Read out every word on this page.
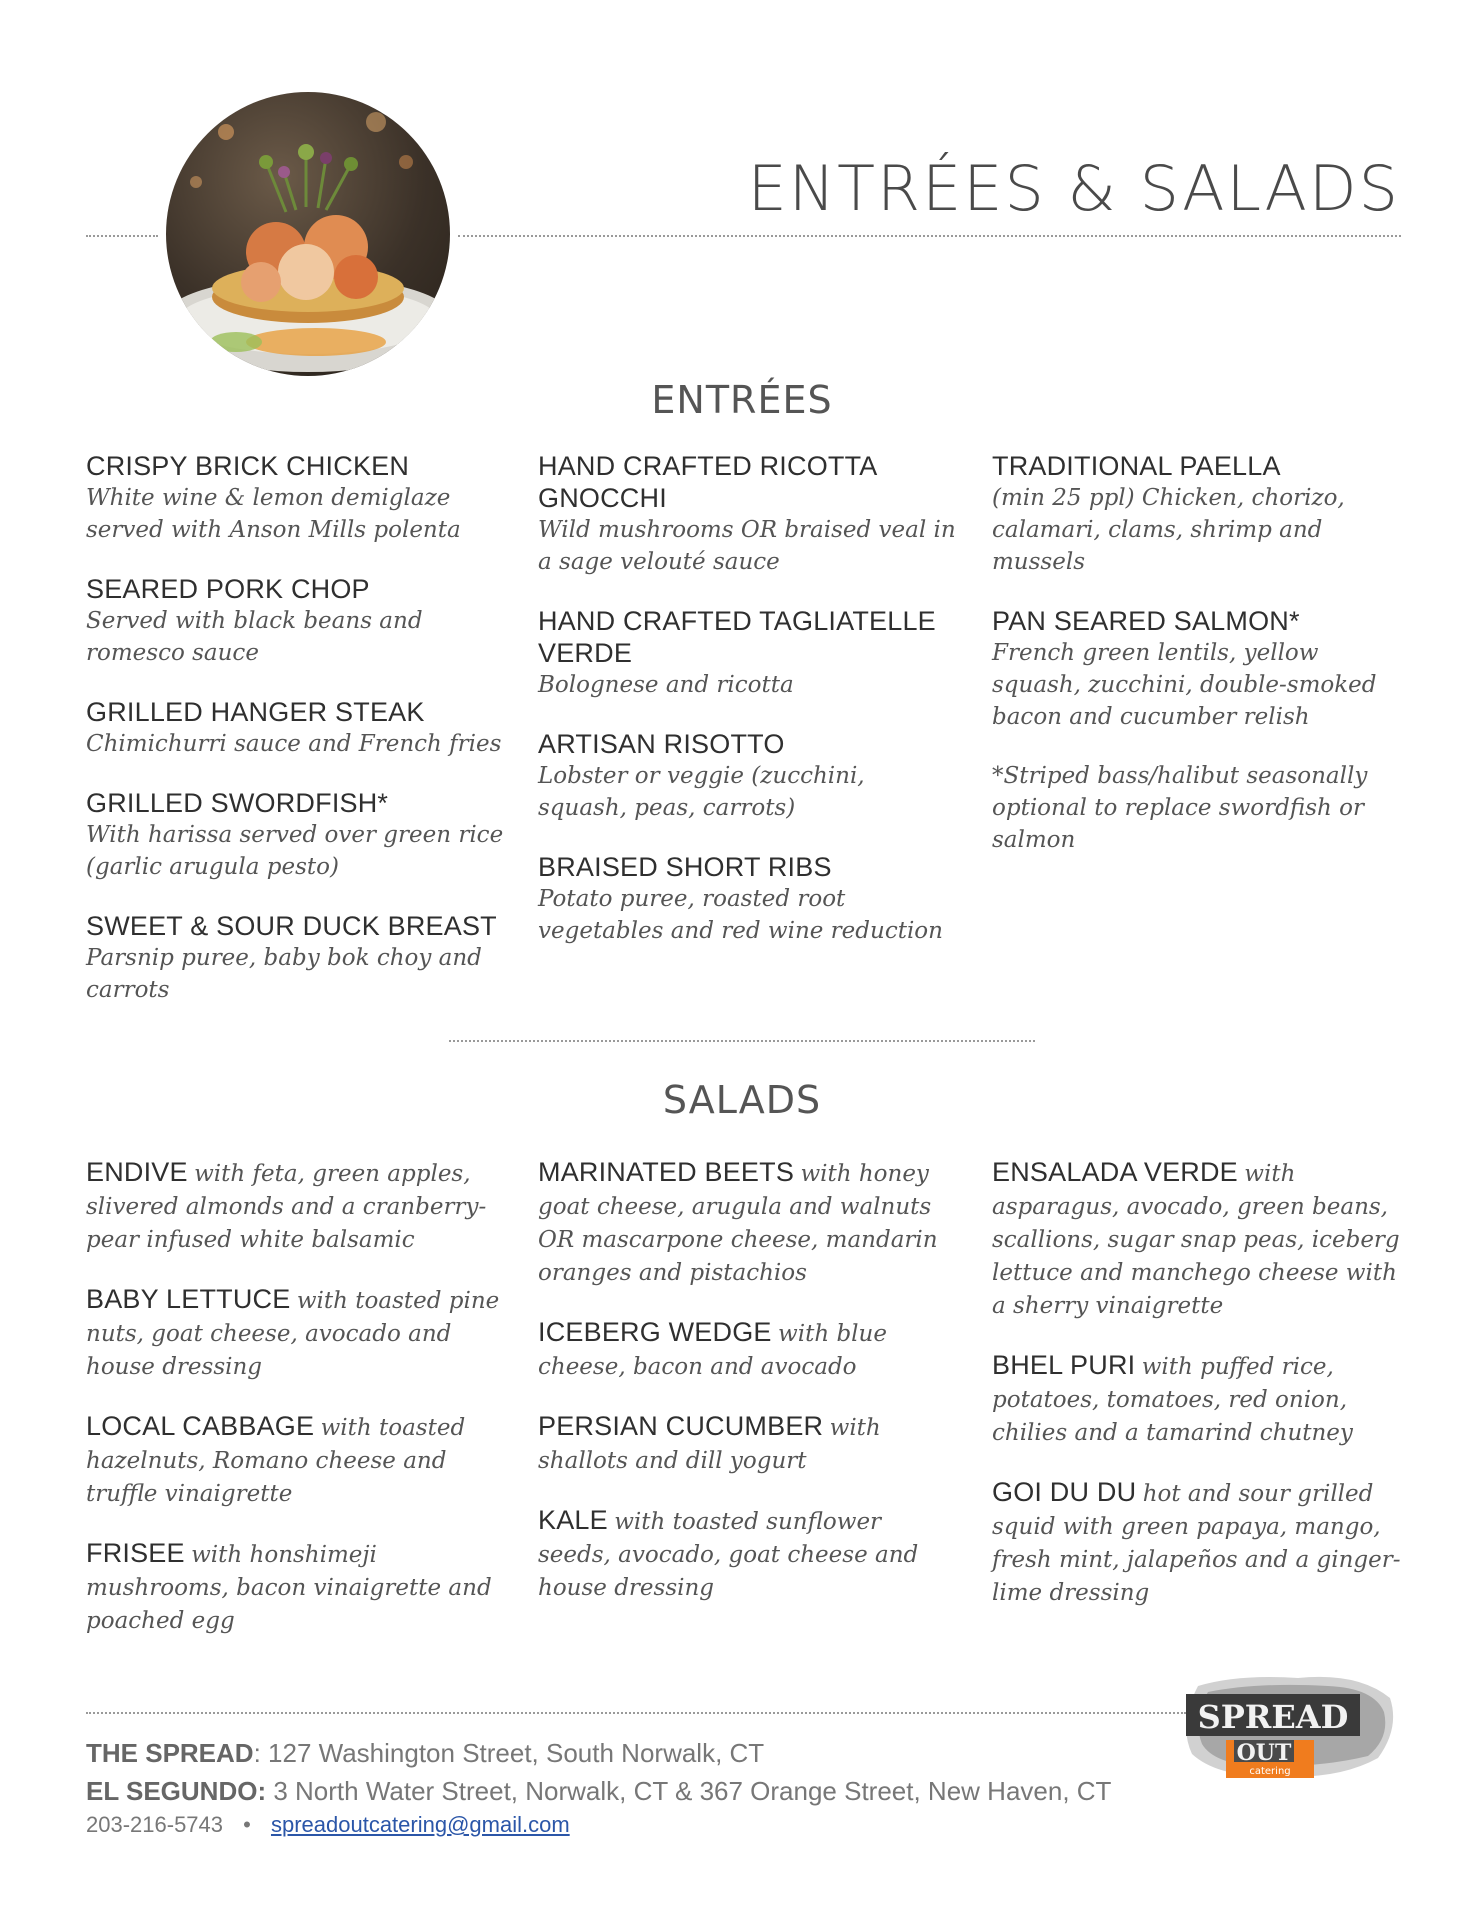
ENTRÉES & SALADS
ENTRÉES
CRISPY BRICK CHICKEN
White wine & lemon demiglaze served with Anson Mills polenta
SEARED PORK CHOP
Served with black beans and romesco sauce
GRILLED HANGER STEAK
Chimichurri sauce and French fries
GRILLED SWORDFISH*
With harissa served over green rice (garlic arugula pesto)
SWEET & SOUR DUCK BREAST
Parsnip puree, baby bok choy and carrots
HAND CRAFTED RICOTTA GNOCCHI
Wild mushrooms OR braised veal in a sage velouté sauce
HAND CRAFTED TAGLIATELLE VERDE
Bolognese and ricotta
ARTISAN RISOTTO
Lobster or veggie (zucchini, squash, peas, carrots)
BRAISED SHORT RIBS
Potato puree, roasted root vegetables and red wine reduction
TRADITIONAL PAELLA
(min 25 ppl) Chicken, chorizo, calamari, clams, shrimp and mussels
PAN SEARED SALMON*
French green lentils, yellow squash, zucchini, double-smoked bacon and cucumber relish
*Striped bass/halibut seasonally optional to replace swordfish or salmon
SALADS
ENDIVE with feta, green apples, slivered almonds and a cranberry-pear infused white balsamic
BABY LETTUCE with toasted pine nuts, goat cheese, avocado and house dressing
LOCAL CABBAGE with toasted hazelnuts, Romano cheese and truffle vinaigrette
FRISEE with honshimeji mushrooms, bacon vinaigrette and poached egg
MARINATED BEETS with honey goat cheese, arugula and walnuts OR mascarpone cheese, mandarin oranges and pistachios
ICEBERG WEDGE with blue cheese, bacon and avocado
PERSIAN CUCUMBER with shallots and dill yogurt
KALE with toasted sunflower seeds, avocado, goat cheese and house dressing
ENSALADA VERDE with asparagus, avocado, green beans, scallions, sugar snap peas, iceberg lettuce and manchego cheese with a sherry vinaigrette
BHEL PURI with puffed rice, potatoes, tomatoes, red onion, chilies and a tamarind chutney
GOI DU DU hot and sour grilled squid with green papaya, mango, fresh mint, jalapeños and a ginger-lime dressing
THE SPREAD: 127 Washington Street, South Norwalk, CT
EL SEGUNDO: 3 North Water Street, Norwalk, CT & 367 Orange Street, New Haven, CT
203-216-5743 • spreadoutcatering@gmail.com
SPREAD
OUT
catering
